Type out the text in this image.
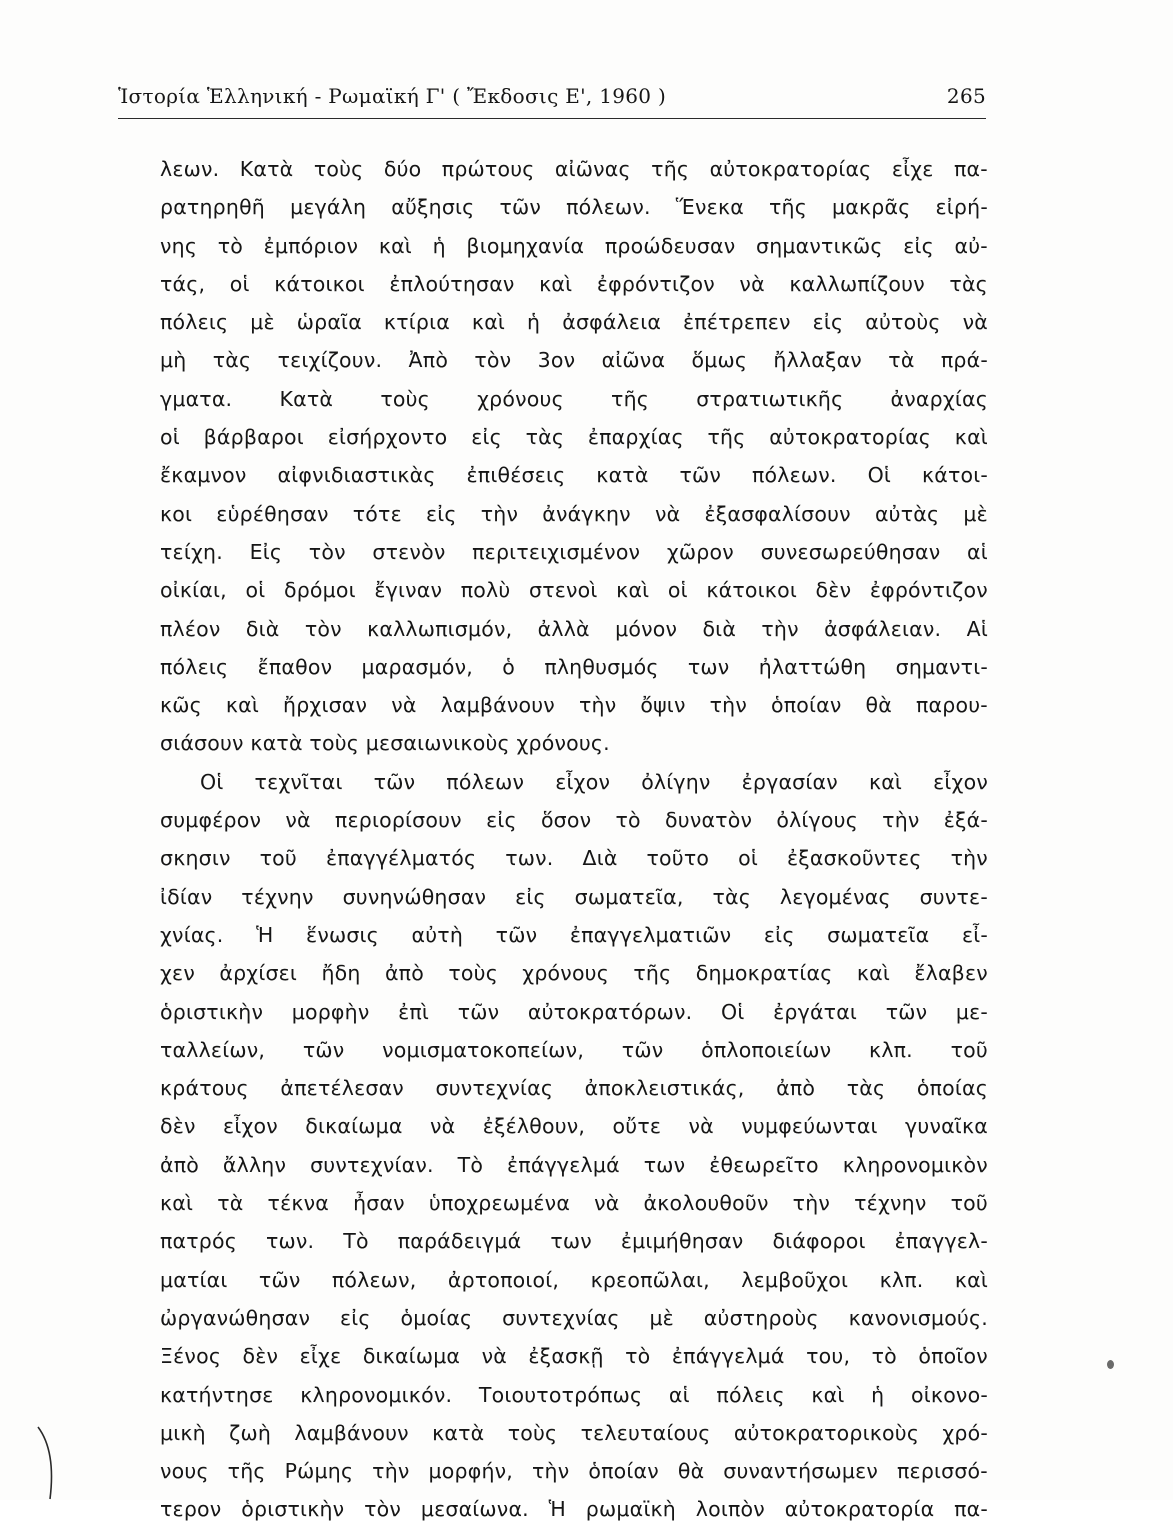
Ἱστορία Ἑλληνική - Ρωμαϊκή Γ' ( Ἔκδοσις Ε', 1960 )	265
λεων. Κατὰ τοὺς δύο πρώτους αἰῶνας τῆς αὐτοκρατορίας εἶχε πα-
ρατηρηθῆ μεγάλη αὔξησις τῶν πόλεων. Ἕνεκα τῆς μακρᾶς εἰρή-
νης τὸ ἐμπόριον καὶ ἡ βιομηχανία προώδευσαν σημαντικῶς εἰς αὐ-
τάς, οἱ κάτοικοι ἐπλούτησαν καὶ ἐφρόντιζον νὰ καλλωπίζουν τὰς
πόλεις μὲ ὡραῖα κτίρια καὶ ἡ ἀσφάλεια ἐπέτρεπεν εἰς αὐτοὺς νὰ
μὴ τὰς τειχίζουν. Ἀπὸ τὸν 3ον αἰῶνα ὅμως ἤλλαξαν τὰ πρά-
γματα. Κατὰ τοὺς χρόνους τῆς στρατιωτικῆς ἀναρχίας
οἱ βάρβαροι εἰσήρχοντο εἰς τὰς ἐπαρχίας τῆς αὐτοκρατορίας καὶ
ἔκαμνον αἰφνιδιαστικὰς ἐπιθέσεις κατὰ τῶν πόλεων. Οἱ κάτοι-
κοι εὑρέθησαν τότε εἰς τὴν ἀνάγκην νὰ ἐξασφαλίσουν αὐτὰς μὲ
τείχη. Εἰς τὸν στενὸν περιτειχισμένον χῶρον συνεσωρεύθησαν αἱ
οἰκίαι, οἱ δρόμοι ἔγιναν πολὺ στενοὶ καὶ οἱ κάτοικοι δὲν ἐφρόντιζον
πλέον διὰ τὸν καλλωπισμόν, ἀλλὰ μόνον διὰ τὴν ἀσφάλειαν. Αἱ
πόλεις ἔπαθον μαρασμόν, ὁ πληθυσμός των ἠλαττώθη σημαντι-
κῶς καὶ ἤρχισαν νὰ λαμβάνουν τὴν ὄψιν τὴν ὁποίαν θὰ παρου-
σιάσουν
κατὰ
τοὺς
μεσαιωνικοὺς
χρόνους.
Οἱ τεχνῖται τῶν πόλεων εἶχον ὀλίγην ἐργασίαν καὶ εἶχον
συμφέρον νὰ περιορίσουν εἰς ὅσον τὸ δυνατὸν ὀλίγους τὴν ἐξά-
σκησιν τοῦ ἐπαγγέλματός των. Διὰ τοῦτο οἱ ἐξασκοῦντες τὴν
ἰδίαν τέχνην συνηνώθησαν εἰς σωματεῖα, τὰς λεγομένας συντε-
χνίας. Ἡ ἕνωσις αὐτὴ τῶν ἐπαγγελματιῶν εἰς σωματεῖα εἶ-
χεν ἀρχίσει ἤδη ἀπὸ τοὺς χρόνους τῆς δημοκρατίας καὶ ἔλαβεν
ὁριστικὴν μορφὴν ἐπὶ τῶν αὐτοκρατόρων. Οἱ ἐργάται τῶν με-
ταλλείων, τῶν νομισματοκοπείων, τῶν ὁπλοποιείων κλπ. τοῦ
κράτους ἀπετέλεσαν συντεχνίας ἀποκλειστικάς, ἀπὸ τὰς ὁποίας
δὲν εἶχον δικαίωμα νὰ ἐξέλθουν, οὔτε νὰ νυμφεύωνται γυναῖκα
ἀπὸ ἄλλην συντεχνίαν. Τὸ ἐπάγγελμά των ἐθεωρεῖτο κληρονομικὸν
καὶ τὰ τέκνα ἦσαν ὑποχρεωμένα νὰ ἀκολουθοῦν τὴν τέχνην τοῦ
πατρός των. Τὸ παράδειγμά των ἐμιμήθησαν διάφοροι ἐπαγγελ-
ματίαι τῶν πόλεων, ἀρτοποιοί, κρεοπῶλαι, λεμβοῦχοι κλπ. καὶ
ὠργανώθησαν εἰς ὁμοίας συντεχνίας μὲ αὐστηροὺς κανονισμούς.
Ξένος δὲν εἶχε δικαίωμα νὰ ἐξασκῇ τὸ ἐπάγγελμά του, τὸ ὁποῖον
κατήντησε κληρονομικόν. Τοιουτοτρόπως αἱ πόλεις καὶ ἡ οἰκονο-
μικὴ ζωὴ λαμβάνουν κατὰ τοὺς τελευταίους αὐτοκρατορικοὺς χρό-
νους τῆς Ρώμης τὴν μορφήν, τὴν ὁποίαν θὰ συναντήσωμεν περισσό-
τερον ὁριστικὴν τὸν μεσαίωνα. Ἡ ρωμαϊκὴ λοιπὸν αὐτοκρατορία πα-
